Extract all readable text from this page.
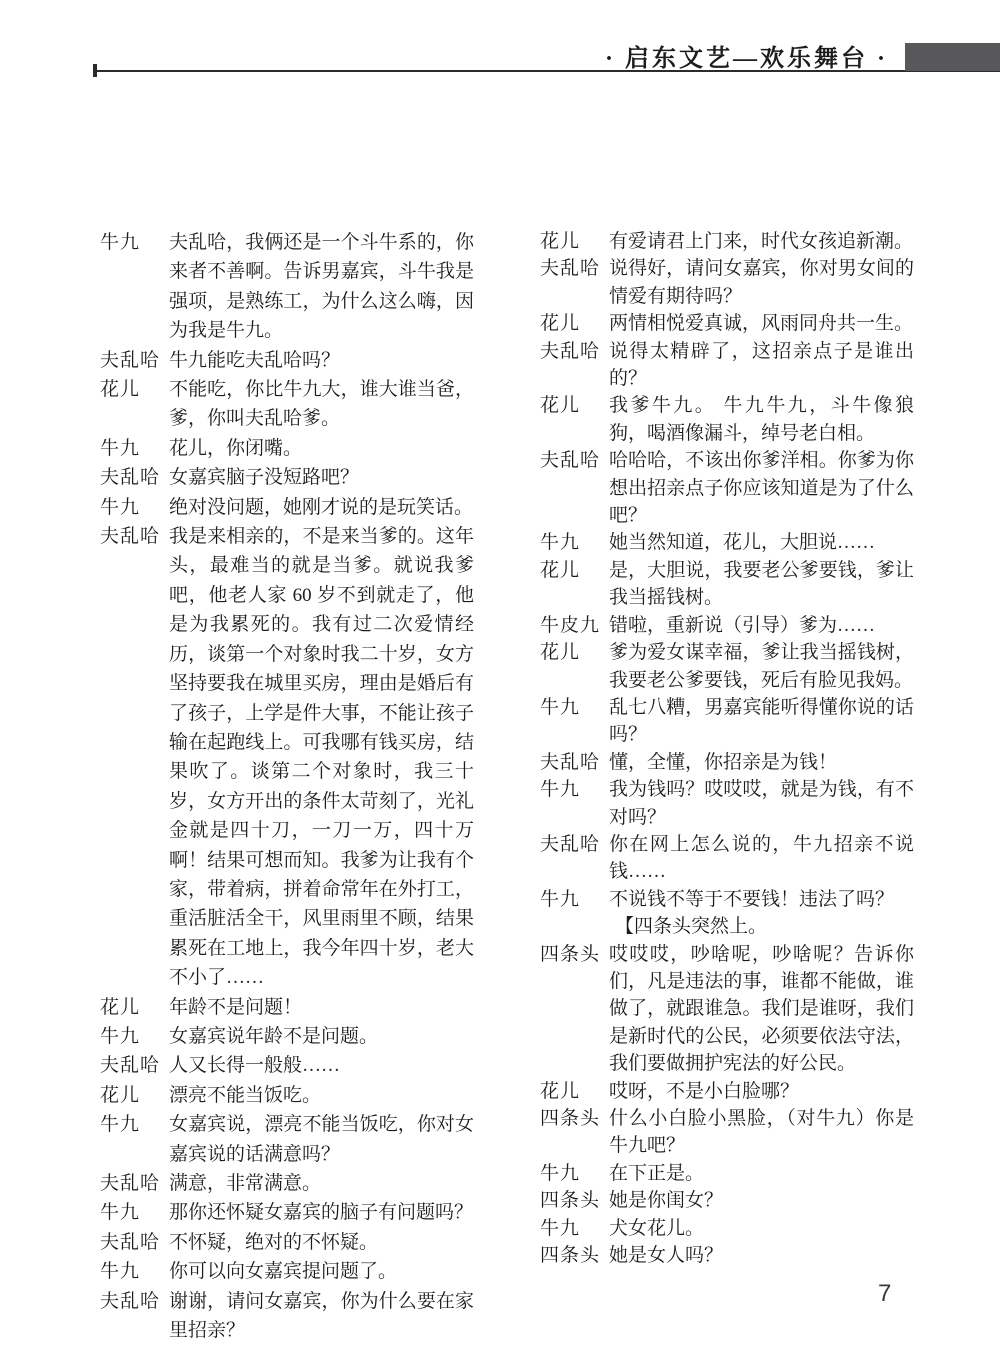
· 启东文艺—欢乐舞台 ·
牛九	夫乱哈，我俩还是一个斗牛系的，你来者不善啊。告诉男嘉宾，斗牛我是强项，是熟练工，为什么这么嗨，因为我是牛九。
夫乱哈 牛九能吃夫乱哈吗？
花儿	不能吃，你比牛九大，谁大谁当爸，爹，你叫夫乱哈爹。
牛九	花儿，你闭嘴。
夫乱哈 女嘉宾脑子没短路吧？
牛九	绝对没问题，她刚才说的是玩笑话。
夫乱哈 我是来相亲的，不是来当爹的。这年头，最难当的就是当爹。就说我爹吧，他老人家 60 岁不到就走了，他是为我累死的。我有过二次爱情经历，谈第一个对象时我二十岁，女方坚持要我在城里买房，理由是婚后有了孩子，上学是件大事，不能让孩子输在起跑线上。可我哪有钱买房，结果吹了。谈第二个对象时，我三十岁，女方开出的条件太苛刻了，光礼金就是四十刀，一刀一万，四十万啊！结果可想而知。我爹为让我有个家，带着病，拼着命常年在外打工，重活脏活全干，风里雨里不顾，结果累死在工地上，我今年四十岁，老大不小了……
花儿	年龄不是问题！
牛九	女嘉宾说年龄不是问题。
夫乱哈 人又长得一般般……
花儿	漂亮不能当饭吃。
牛九	女嘉宾说，漂亮不能当饭吃，你对女嘉宾说的话满意吗？
夫乱哈 满意，非常满意。
牛九	那你还怀疑女嘉宾的脑子有问题吗？
夫乱哈 不怀疑，绝对的不怀疑。
牛九	你可以向女嘉宾提问题了。
夫乱哈 谢谢，请问女嘉宾，你为什么要在家里招亲？
花儿	有爱请君上门来，时代女孩追新潮。
夫乱哈 说得好，请问女嘉宾，你对男女间的情爱有期待吗？
花儿	两情相悦爱真诚，风雨同舟共一生。
夫乱哈 说得太精辟了，这招亲点子是谁出的？
花儿	我爹牛九。 牛九牛九，斗牛像狼狗，喝酒像漏斗，绰号老白相。
夫乱哈 哈哈哈，不该出你爹洋相。你爹为你想出招亲点子你应该知道是为了什么吧？
牛九	她当然知道，花儿，大胆说……
花儿	是，大胆说，我要老公爹要钱，爹让我当摇钱树。
牛皮九 错啦，重新说（引导）爹为……
花儿	爹为爱女谋幸福，爹让我当摇钱树，我要老公爹要钱，死后有脸见我妈。
牛九	乱七八糟，男嘉宾能听得懂你说的话吗？
夫乱哈 懂，全懂，你招亲是为钱！
牛九	我为钱吗？哎哎哎，就是为钱，有不对吗？
夫乱哈 你在网上怎么说的，牛九招亲不说钱……
牛九	不说钱不等于不要钱！违法了吗？
【四条头突然上。
四条头 哎哎哎，吵啥呢，吵啥呢？告诉你们，凡是违法的事，谁都不能做，谁做了，就跟谁急。我们是谁呀，我们是新时代的公民，必须要依法守法，我们要做拥护宪法的好公民。
花儿	哎呀，不是小白脸哪？
四条头 什么小白脸小黑脸，（对牛九）你是牛九吧？
牛九	在下正是。
四条头 她是你闺女？
牛九	犬女花儿。
四条头 她是女人吗？
7
